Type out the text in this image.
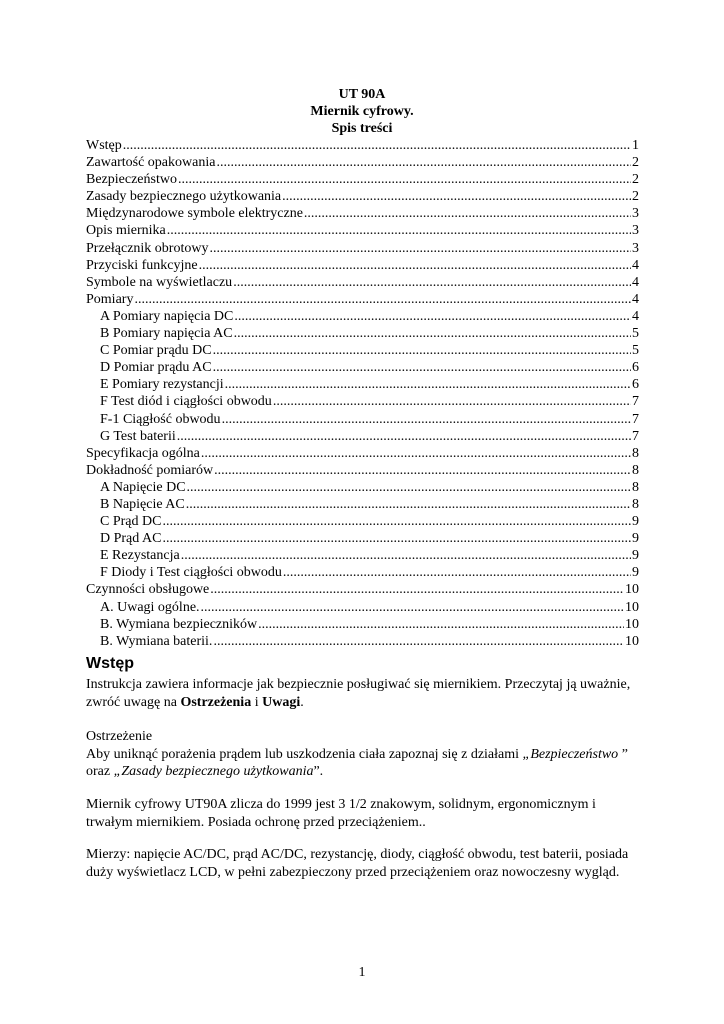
UT 90A
Miernik cyfrowy.
Spis treści
Wstęp .....	1
Zawartość opakowania .....	2
Bezpieczeństwo .....	2
Zasady bezpiecznego użytkowania .....	2
Międzynarodowe symbole elektryczne .....	3
Opis miernika .....	3
Przełącznik obrotowy .....	3
Przyciski funkcyjne .....	4
Symbole na wyświetlaczu .....	4
Pomiary .....	4
A Pomiary napięcia DC .....	4
B Pomiary napięcia AC .....	5
C Pomiar prądu DC .....	5
D Pomiar prądu AC .....	6
E Pomiary rezystancji .....	6
F Test diód i ciągłości obwodu .....	7
F-1 Ciągłość obwodu .....	7
G Test baterii .....	7
Specyfikacja ogólna .....	8
Dokładność pomiarów .....	8
A Napięcie DC .....	8
B Napięcie AC .....	8
C Prąd DC .....	9
D Prąd AC .....	9
E Rezystancja .....	9
F Diody i Test ciągłości obwodu .....	9
Czynności obsługowe .....	10
A. Uwagi ogólne. .....	10
B. Wymiana bezpieczników .....	10
B. Wymiana baterii. .....	10
Wstęp

Instrukcja zawiera informacje jak bezpiecznie posługiwać się miernikiem. Przeczytaj ją uważnie, zwróć uwagę na Ostrzeżenia i Uwagi.

Ostrzeżenie

Aby uniknąć porażenia prądem lub uszkodzenia ciała zapoznaj się z działami „Bezpieczeństwo ” oraz „Zasady bezpiecznego użytkowania”.

Miernik cyfrowy UT90A zlicza do 1999 jest 3 1/2 znakowym, solidnym, ergonomicznym i trwałym miernikiem. Posiada ochronę przed przeciążeniem..

Mierzy: napięcie AC/DC, prąd AC/DC, rezystancję, diody, ciągłość obwodu, test baterii, posiada duży wyświetlacz LCD, w pełni zabezpieczony przed przeciążeniem oraz nowoczesny wygląd.

1
